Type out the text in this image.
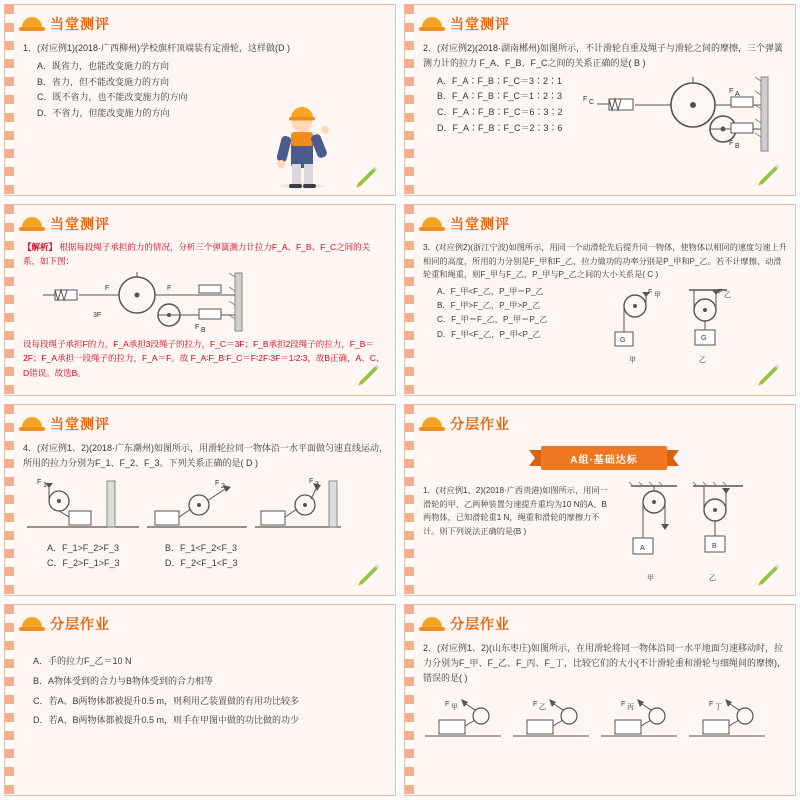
当堂测评
1．(对应例1)(2018·广西柳州)学校旗杆顶端装有定滑轮，这样做(D )
A．既省力，也能改变施力的方向
B．省力，但不能改变施力的方向
C．既不省力，也不能改变施力的方向
D．不省力，但能改变施力的方向
当堂测评
2．(对应例2)(2018·湖南郴州)如图所示，不计滑轮自重及绳子与滑轮之间的摩擦，三个弹簧测力计的拉力 F_A、F_B、F_C之间的关系正确的是( B )
A．F_A∶F_B∶F_C＝3∶2∶1
B．F_A∶F_B∶F_C＝1∶2∶3
C．F_A∶F_B∶F_C＝6∶3∶2
D．F_A∶F_B∶F_C＝2∶3∶6
F C
F A
F B
当堂测评
【解析】 根据每段绳子承担的力的情况，分析三个弹簧测力计拉力F_A、F_B、F_C之间的关系，如下图：
F	F
3F
F B
设每段绳子承担F的力，F_A承担3段绳子的拉力，F_C＝3F；F_B承担2段绳子的拉力，F_B＝2F；F_A承担一段绳子的拉力，F_A＝F。故 F_A∶F_B∶F_C＝F∶2F∶3F＝1∶2∶3，故B正确，A、C、D错误。故选B。
当堂测评
3．(对应例2)(浙江宁波)如图所示，用同一个动滑轮先后提升同一物体，使物体以相同的速度匀速上升相同的高度，所用的力分别是F_甲和F_乙，拉力做功的功率分别是P_甲和P_乙。若不计摩擦、动滑轮重和绳重，则F_甲与F_乙，P_甲与P_乙之间的大小关系是( C )
A．F_甲<F_乙，P_甲＝P_乙
B．F_甲>F_乙，P_甲>P_乙
C．F_甲＝F_乙，P_甲＝P_乙
D．F_甲<F_乙，P_甲<P_乙
F 甲
G
甲
F 乙
G
乙
当堂测评
4．(对应例1、2)(2018·广东潮州)如图所示，用滑轮拉同一物体沿一水平面做匀速直线运动，所用的拉力分别为F_1、F_2、F_3。下列关系正确的是( D )
F 1	F 2
F 3
A．F_1>F_2>F_3	B．F_1<F_2<F_3
C．F_2>F_1>F_3	D．F_2<F_1<F_3
分层作业
A组·基础达标
1．(对应例1、2)(2018·广西贵港)如图所示，用同一滑轮的甲、乙两种装置匀速提升重均为10 N的A、B两物体，已知滑轮重1 N，绳重和滑轮的摩擦力不计。则下列说法正确的是(B )
A
甲
B
乙
分层作业
A．手的拉力F_乙＝10 N
B．A物体受到的合力与B物体受到的合力相等
C．若A、B两物体都被提升0.5 m，则利用乙装置做的有用功比较多
D．若A、B两物体都被提升0.5 m，则手在甲图中做的功比做的功少
分层作业
2．(对应例1、2)(山东枣庄)如图所示，在用滑轮将同一物体沿同一水平地面匀速移动时，拉力分别为F_甲、F_乙、F_丙、F_丁，比较它们的大小(不计滑轮重和滑轮与细绳间的摩擦)，错误的是( )
F 甲	F 乙	F 丙	F 丁
